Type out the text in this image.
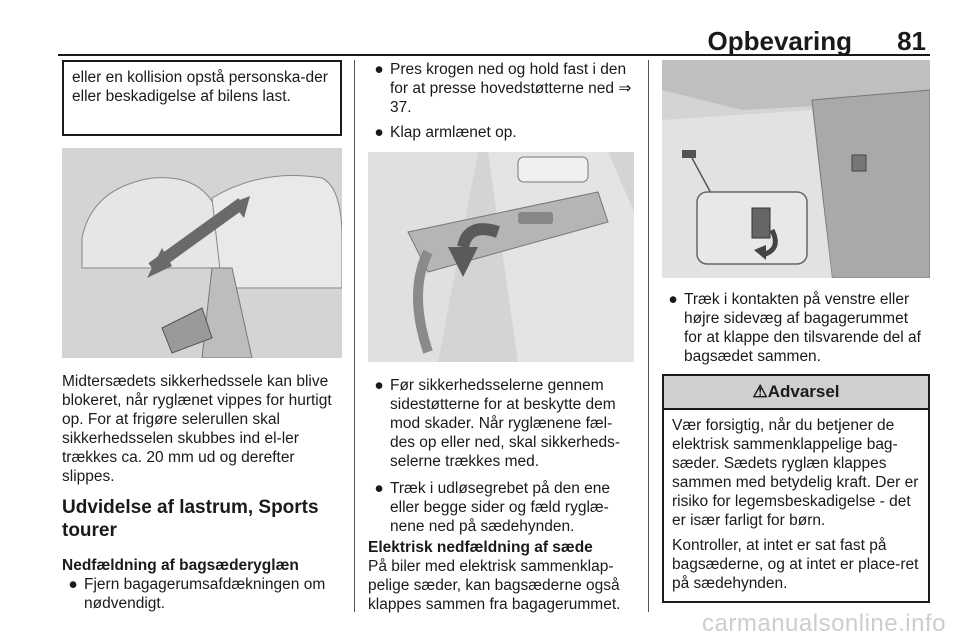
Opbevaring 81

eller en kollision opstå personska-der eller beskadigelse af bilens last.

Midtersædets sikkerhedssele kan blive blokeret, når ryglænet vippes for hurtigt op. For at frigøre selerullen skal sikkerhedsselen skubbes ind el-ler trækkes ca. 20 mm ud og derefter slippes.

Udvidelse af lastrum, Sports tourer

Nedfældning af bagsæderyglæn

● Fjern bagagerumsafdækningen om nødvendigt.
● Pres krogen ned og hold fast i den for at presse hovedstøtterne ned ⇒ 37.
● Klap armlænet op.
● Før sikkerhedsselerne gennem sidestøtterne for at beskytte dem mod skader. Når ryglænene fæl-des op eller ned, skal sikkerheds-selerne trækkes med.
● Træk i udløsegrebet på den ene eller begge sider og fæld ryglæ-nene ned på sædehynden.

Elektrisk nedfældning af sæde

På biler med elektrisk sammenklap-pelige sæder, kan bagsæderne også klappes sammen fra bagagerummet.

● Træk i kontakten på venstre eller højre sidevæg af bagagerummet for at klappe den tilsvarende del af bagsædet sammen.
⚠Advarsel

Vær forsigtig, når du betjener de elektrisk sammenklappelige bag-sæder. Sædets ryglæn klappes sammen med betydelig kraft. Der er risiko for legemsbeskadigelse - det er især farligt for børn.

Kontroller, at intet er sat fast på bagsæderne, og at intet er place-ret på sædehynden.

carmanualsonline.info
